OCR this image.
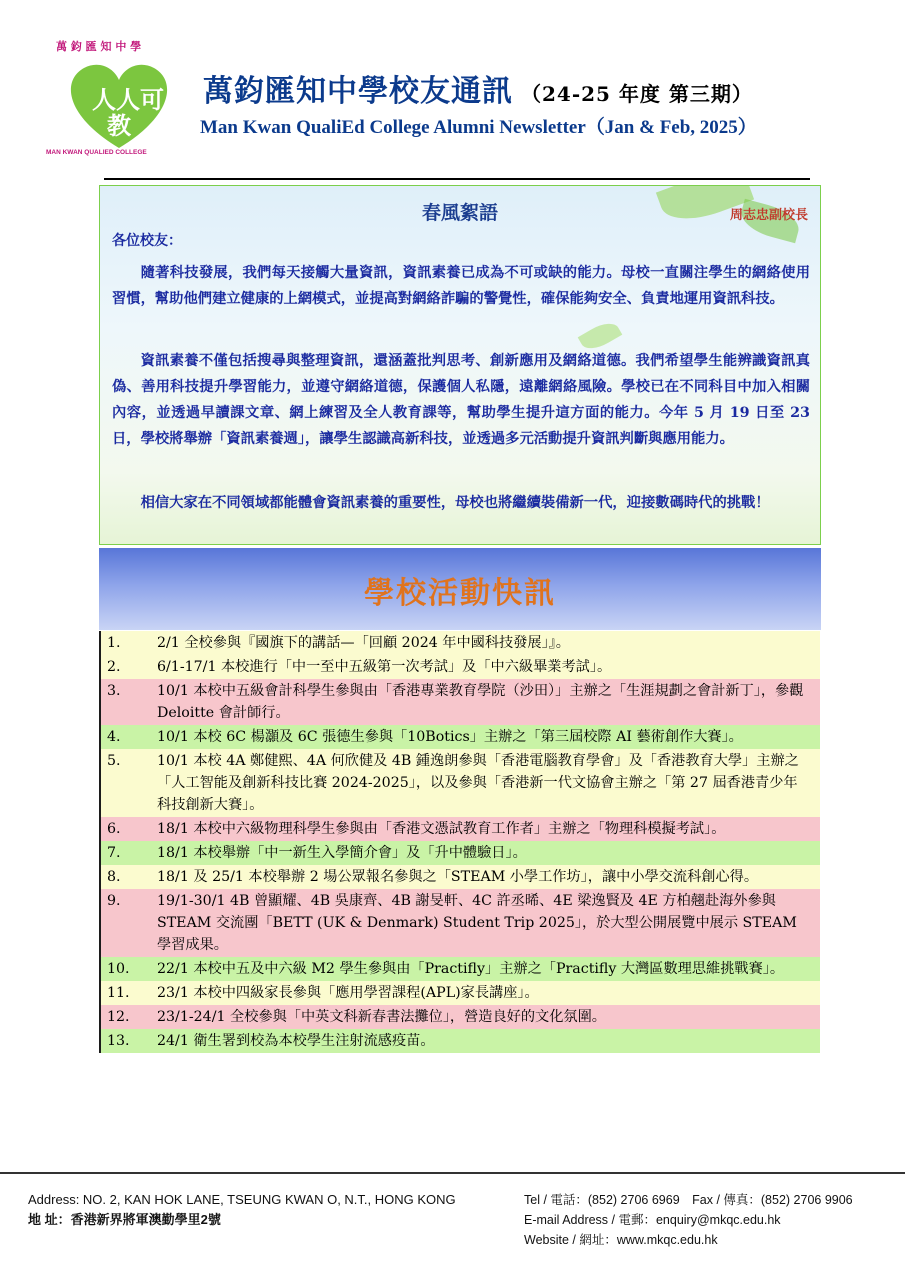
人人可
教
萬 鈞 匯 知 中 學
MAN KWAN QUALIED COLLEGE
萬鈞匯知中學校友通訊 （24-25 年度 第三期）
Man Kwan QualiEd College Alumni Newsletter（Jan & Feb, 2025）
春風絮語	周志忠副校長
各位校友：

隨著科技發展，我們每天接觸大量資訊，資訊素養已成為不可或缺的能力。母校一直關注學生的網絡使用習慣，幫助他們建立健康的上網模式，並提高對網絡詐騙的警覺性，確保能夠安全、負責地運用資訊科技。

資訊素養不僅包括搜尋與整理資訊，還涵蓋批判思考、創新應用及網絡道德。我們希望學生能辨識資訊真偽、善用科技提升學習能力，並遵守網絡道德，保護個人私隱，遠離網絡風險。學校已在不同科目中加入相關內容，並透過早讀課文章、網上練習及全人教育課等，幫助學生提升這方面的能力。今年 5 月 19 日至 23 日，學校將舉辦「資訊素養週」，讓學生認識高新科技，並透過多元活動提升資訊判斷與應用能力。

相信大家在不同領域都能體會資訊素養的重要性，母校也將繼續裝備新一代，迎接數碼時代的挑戰！

學校活動快訊
1.	2/1 全校參與『國旗下的講話—「回顧 2024 年中國科技發展」』。
2.	6/1-17/1 本校進行「中一至中五級第一次考試」及「中六級畢業考試」。
3.	10/1 本校中五級會計科學生參與由「香港專業教育學院（沙田）」主辦之「生涯規劃之會計新丁」，參觀 Deloitte 會計師行。
4.	10/1 本校 6C 楊灝及 6C 張德生參與「10Botics」主辦之「第三屆校際 AI 藝術創作大賽」。
5.	10/1 本校 4A 鄭健熙、4A 何欣健及 4B 鍾逸朗參與「香港電腦教育學會」及「香港教育大學」主辦之「人工智能及創新科技比賽 2024-2025」，以及參與「香港新一代文協會主辦之「第 27 屆香港青少年科技創新大賽」。
6.	18/1 本校中六級物理科學生參與由「香港文憑試教育工作者」主辦之「物理科模擬考試」。
7.	18/1 本校舉辦「中一新生入學簡介會」及「升中體驗日」。
8.	18/1 及 25/1 本校舉辦 2 場公眾報名參與之「STEAM 小學工作坊」，讓中小學交流科創心得。
9.	19/1-30/1 4B 曾顯耀、4B 吳康齊、4B 謝旻軒、4C 許丞晞、4E 梁逸賢及 4E 方柏翹赴海外參與 STEAM 交流團「BETT (UK & Denmark) Student Trip 2025」，於大型公開展覽中展示 STEAM 學習成果。
10.	22/1 本校中五及中六級 M2 學生參與由「Practifly」主辦之「Practifly 大灣區數理思維挑戰賽」。
11.	23/1 本校中四級家長參與「應用學習課程(APL)家長講座」。
12.	23/1-24/1 全校參與「中英文科新春書法攤位」，營造良好的文化氛圍。
13.	24/1 衛生署到校為本校學生注射流感疫苗。
Address: NO. 2, KAN HOK LANE, TSEUNG KWAN O, N.T., HONG KONG
地 址：香港新界將軍澳勤學里2號
Tel / 電話：(852) 2706 6969　Fax / 傳真：(852) 2706 9906
E-mail Address / 電郵：enquiry@mkqc.edu.hk
Website / 網址：www.mkqc.edu.hk
